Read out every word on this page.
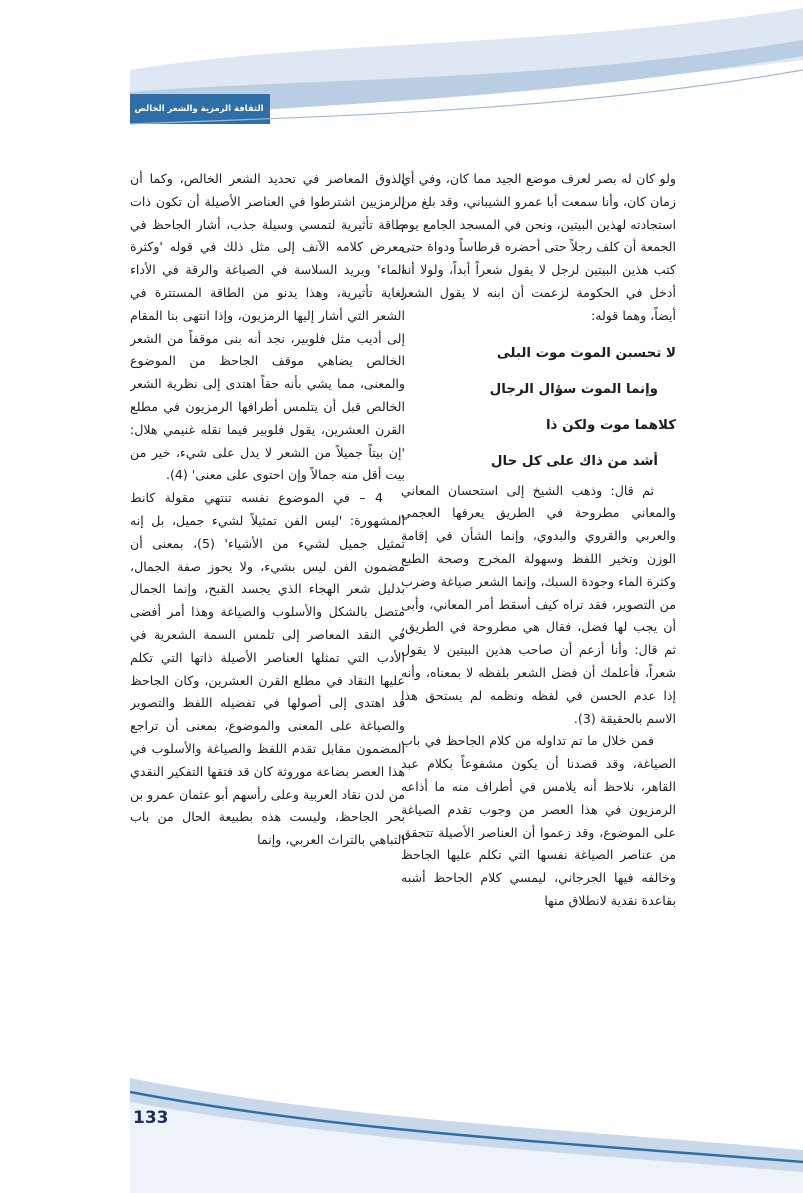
الثقافة الرمزية والشعر الخالص

ولو كان له بصر لعرف موضع الجيد مما كان، وفي أي زمان كان، وأنا سمعت أبا عمرو الشيباني، وقد بلغ من استجادته لهذين البيتين، ونحن في المسجد الجامع يوم الجمعة أن كلف رجلاً حتى أحضره قرطاساً ودواة حتى كتب هذين البيتين لرجل لا يقول شعراً أبداً، ولولا أنه أدخل في الحكومة لزعمت أن ابنه لا يقول الشعر أيضاً، وهما قوله:

لا تحسبن الموت موت البلى

وإنما الموت سؤال الرجال

كلاهما موت ولكن ذا

أشد من ذاك على كل حال

ثم قال: وذهب الشيخ إلى استحسان المعاني والمعاني مطروحة في الطريق يعرفها العجمي والعربي والقروي والبدوي، وإنما الشأن في إقامة الوزن وتخير اللفظ وسهولة المخرج وصحة الطبع وكثرة الماء وجودة السبك، وإنما الشعر صياغة وضرب من التصوير، فقد تراه كيف أسقط أمر المعاني، وأبى أن يجب لها فضل، فقال هي مطروحة في الطريق، ثم قال: وأنا أزعم أن صاحب هذين البيتين لا يقول شعراً، فأعلمك أن فضل الشعر بلفظه لا بمعناه، وأنه إذا عدم الحسن في لفظه ونظمه لم يستحق هذا الاسم بالحقيقة (3).

فمن خلال ما تم تداوله من كلام الجاحظ في باب الصياغة، وقد قصدنا أن يكون مشفوعاً بكلام عبد القاهر، نلاحظ أنه يلامس في أطراف منه ما أذاعه الرمزيون في هذا العصر من وجوب تقدم الصياغة على الموضوع، وقد زعموا أن العناصر الأصيلة تتحقق من عناصر الصياغة نفسها التي تكلم عليها الجاحظ وخالفه فيها الجرجاني، ليمسي كلام الجاحظ أشبه بقاعدة نقدية لانطلاق منها

الذوق المعاصر في تحديد الشعر الخالص، وكما أن الرمزيين اشترطوا في العناصر الأصيلة أن تكون ذات طاقة تأثيرية لتمسي وسيلة جذب، أشار الجاحظ في معرض كلامه الآنف إلى مثل ذلك في قوله 'وكثرة الماء' ويريد السلاسة في الصياغة والرقة في الأداء لغاية تأثيرية، وهذا يدنو من الطاقة المستترة في الشعر التي أشار إليها الرمزيون، وإذا انتهى بنا المقام إلى أديب مثل فلوبير، نجد أنه بنى موقفاً من الشعر الخالص يضاهي موقف الجاحظ من الموضوع والمعنى، مما يشي بأنه حقاً اهتدى إلى نظرية الشعر الخالص قبل أن يتلمس أطرافها الرمزيون في مطلع القرن العشرين، يقول فلوبير فيما نقله غنيمي هلال: 'إن بيتاً جميلاً من الشعر لا يدل على شيء، خير من بيت أقل منه جمالاً وإن احتوى على معنى' (4).

4 – في الموضوع نفسه تنتهي مقولة كانط المشهورة: 'ليس الفن تمثيلاً لشيء جميل، بل إنه تمثيل جميل لشيء من الأشياء' (5)، بمعنى أن مضمون الفن ليس بشيء، ولا يحوز صفة الجمال، بدليل شعر الهجاء الذي يجسد القبح، وإنما الجمال متصل بالشكل والأسلوب والصياغة وهذا أمر أفضى في النقد المعاصر إلى تلمس السمة الشعرية في الأدب التي تمثلها العناصر الأصيلة ذاتها التي تكلم عليها النقاد في مطلع القرن العشرين، وكان الجاحظ قد اهتدى إلى أصولها في تفضيله اللفظ والتصوير والصياغة على المعنى والموضوع، بمعنى أن تراجع المضمون مقابل تقدم اللفظ والصياغة والأسلوب في هذا العصر بضاعة موروثة كان قد فتقها التفكير النقدي من لدن نقاد العربية وعلى رأسهم أبو عثمان عمرو بن بحر الجاحظ، وليست هذه بطبيعة الحال من باب التباهي بالتراث العربي، وإنما

133
